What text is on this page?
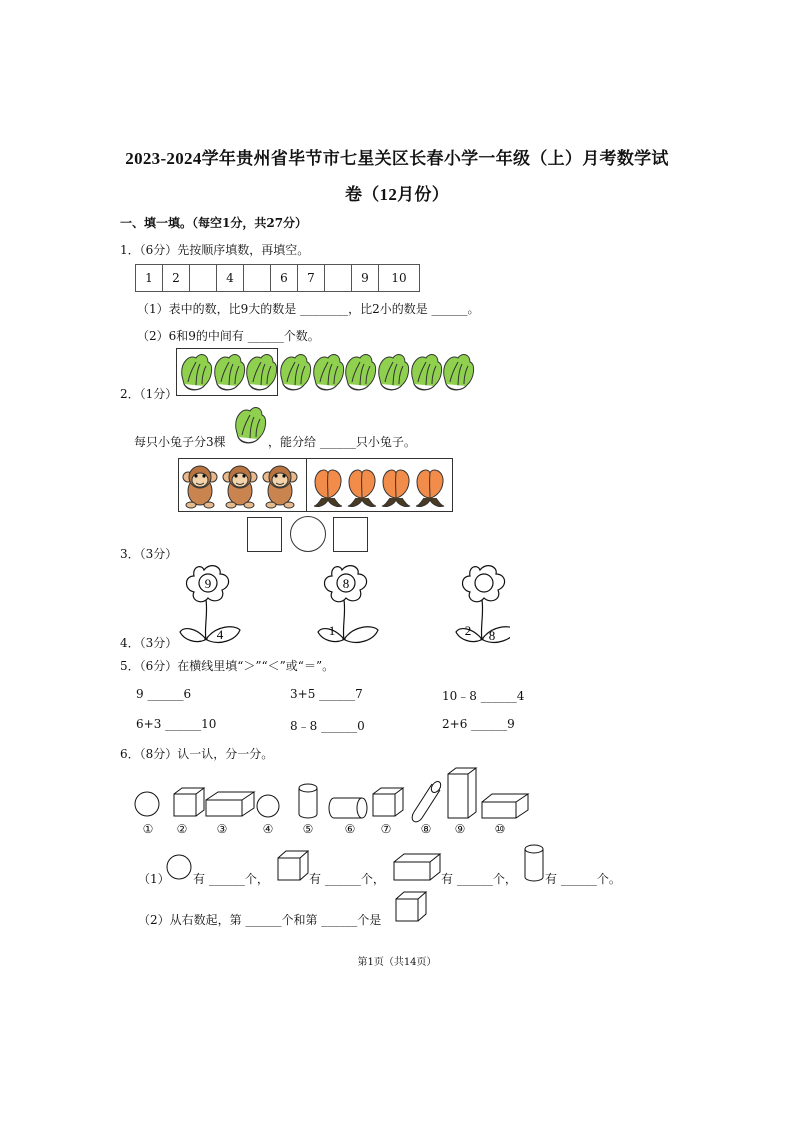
2023-2024学年贵州省毕节市七星关区长春小学一年级（上）月考数学试
卷（12月份）
一、填一填。（每空1分，共27分）
1．（6分）先按顺序填数，再填空。
1	2		4		6	7		9	10
（1）表中的数，比9大的数是 ________，比2小的数是 ______。
（2）6和9的中间有 ______个数。
2．（1分）
每只小兔子分3棵	，能分给 ______只小兔子。
3．（3分）
9
4
8
1	2 8
4．（3分）
5．（6分）在横线里填“＞”“＜”或“＝”。
9 ______6	3+5 ______7	10﹣8 ______4
6+3 ______10	8﹣8 ______0	2+6 ______9
6．（8分）认一认，分一分。
① ② ③	④ ⑤	⑥ ⑦ ⑧ ⑨ ⑩
（1） 有 ______个，	有 ______个，	有 ______个， 有 ______个。
（2）从右数起，第 ______个和第 ______个是
第1页（共14页）
